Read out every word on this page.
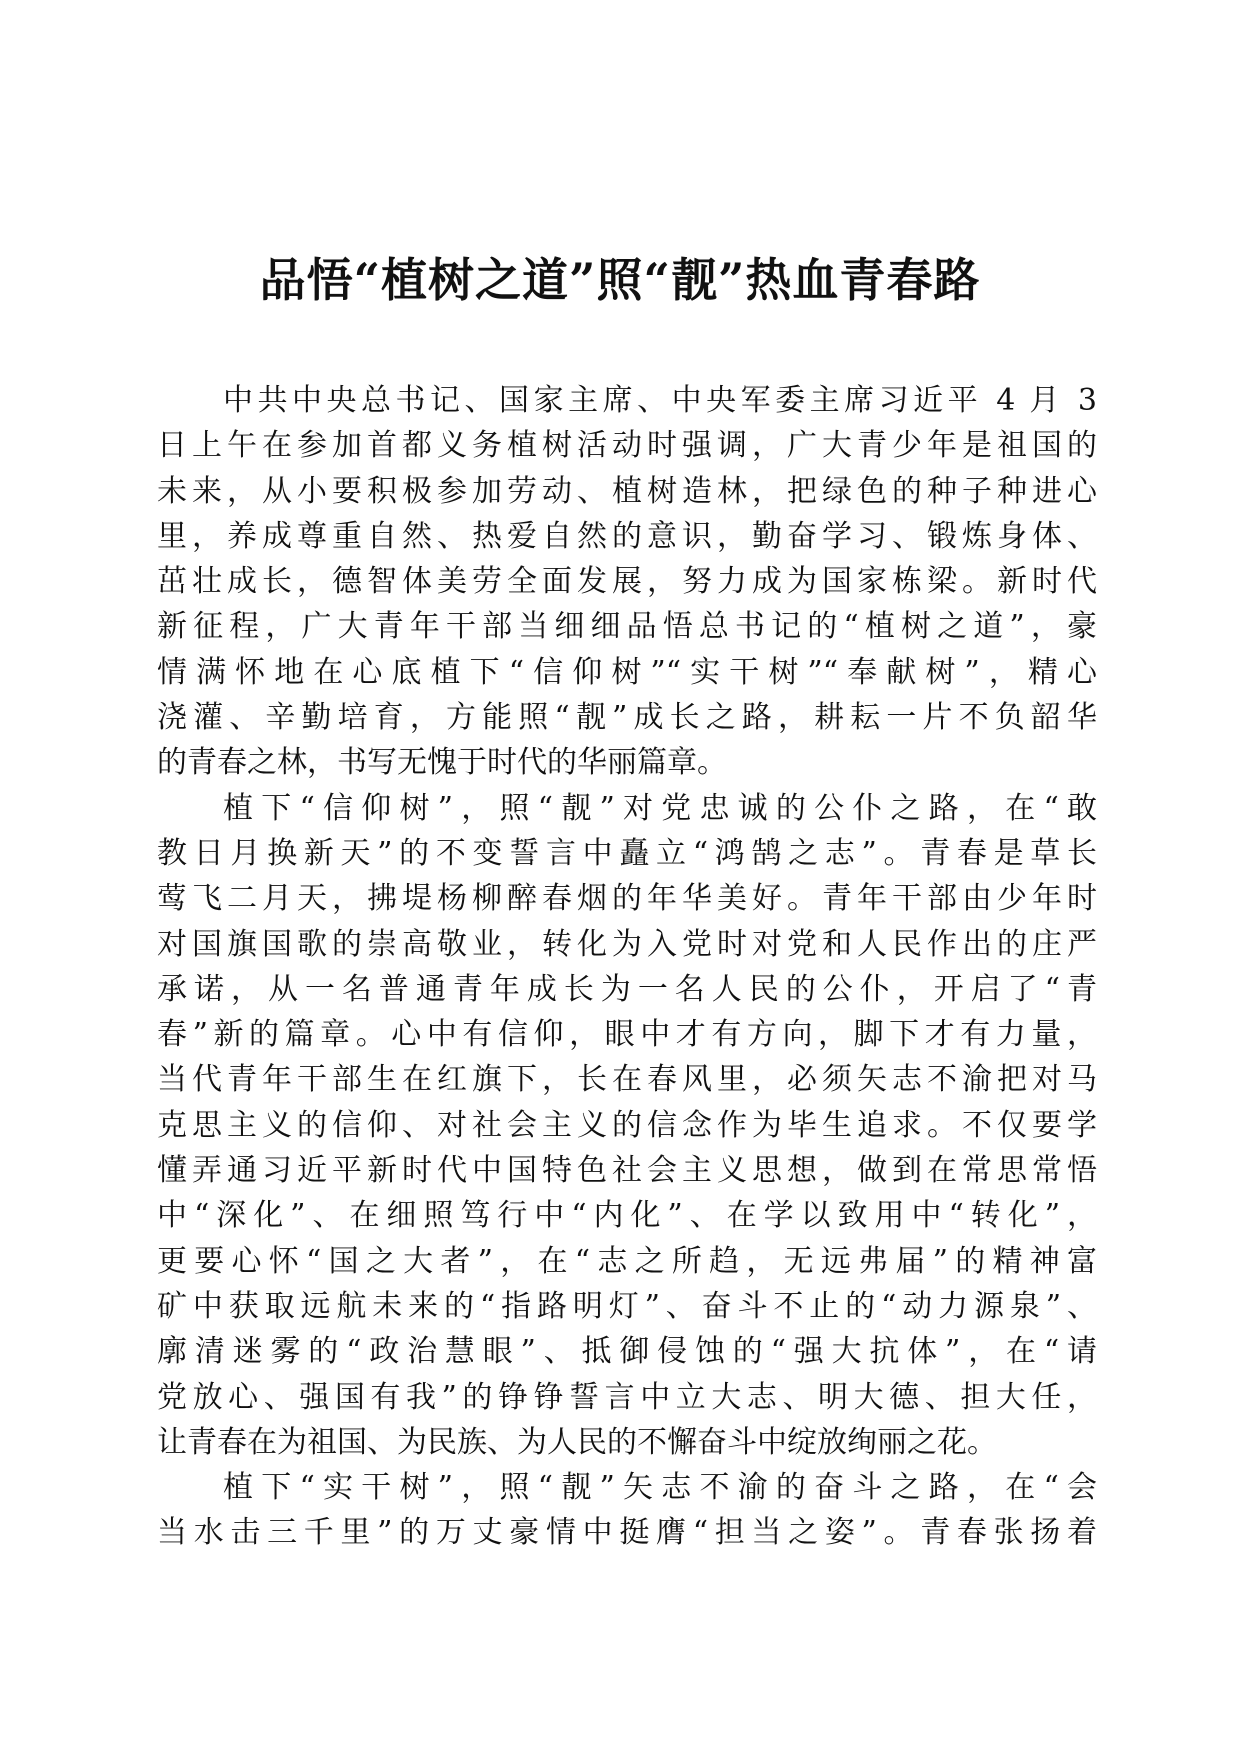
品悟“植树之道”照“靓”热血青春路
中共中央总书记、国家主席、中央军委主席习近平 4 月 3
日上午在参加首都义务植树活动时强调，广大青少年是祖国的
未来，从小要积极参加劳动、植树造林，把绿色的种子种进心
里，养成尊重自然、热爱自然的意识，勤奋学习、锻炼身体、
茁壮成长，德智体美劳全面发展，努力成为国家栋梁。新时代
新征程，广大青年干部当细细品悟总书记的“植树之道”，豪
情满怀地在心底植下“信仰树”“实干树”“奉献树”，精心
浇灌、辛勤培育，方能照“靓”成长之路，耕耘一片不负韶华
的青春之林，书写无愧于时代的华丽篇章。
植下“信仰树”，照“靓”对党忠诚的公仆之路，在“敢
教日月换新天”的不变誓言中矗立“鸿鹄之志”。青春是草长
莺飞二月天，拂堤杨柳醉春烟的年华美好。青年干部由少年时
对国旗国歌的崇高敬业，转化为入党时对党和人民作出的庄严
承诺，从一名普通青年成长为一名人民的公仆，开启了“青
春”新的篇章。心中有信仰，眼中才有方向，脚下才有力量，
当代青年干部生在红旗下，长在春风里，必须矢志不渝把对马
克思主义的信仰、对社会主义的信念作为毕生追求。不仅要学
懂弄通习近平新时代中国特色社会主义思想，做到在常思常悟
中“深化”、在细照笃行中“内化”、在学以致用中“转化”，
更要心怀“国之大者”，在“志之所趋，无远弗届”的精神富
矿中获取远航未来的“指路明灯”、奋斗不止的“动力源泉”、
廓清迷雾的“政治慧眼”、抵御侵蚀的“强大抗体”，在“请
党放心、强国有我”的铮铮誓言中立大志、明大德、担大任，
让青春在为祖国、为民族、为人民的不懈奋斗中绽放绚丽之花。
植下“实干树”，照“靓”矢志不渝的奋斗之路，在“会
当水击三千里”的万丈豪情中挺膺“担当之姿”。青春张扬着
